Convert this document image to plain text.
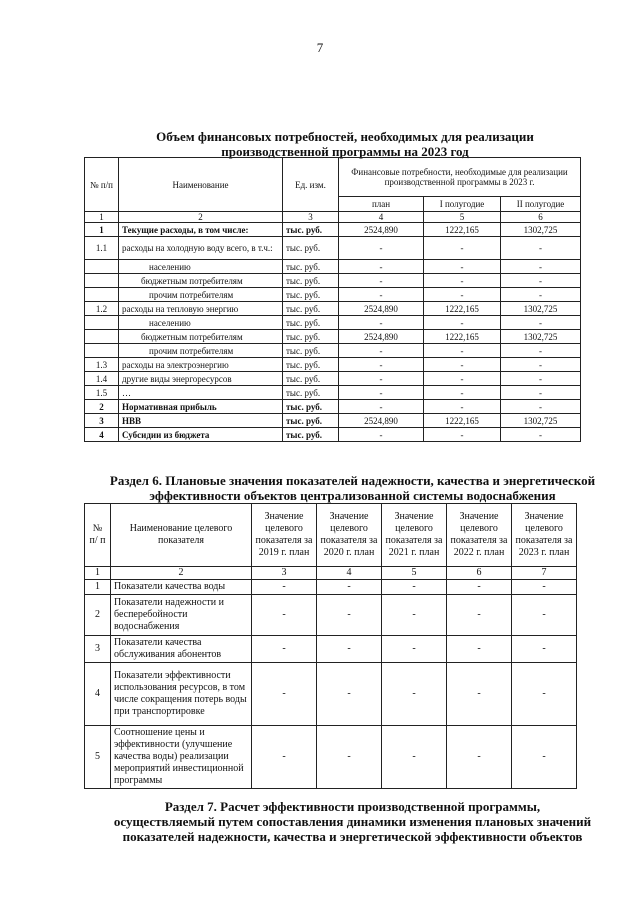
7
Объем финансовых потребностей, необходимых для реализации
производственной программы на 2023 год
№ п/п	Наименование	Ед. изм.	Финансовые потребности, необходимые для реализации производственной программы в 2023 г.		
			план	I полугодие	II полугодие
1	2	3	4	5	6
1	Текущие расходы, в том числе:	тыс. руб.	2524,890	1222,165	1302,725
1.1	расходы на холодную воду всего, в т.ч.:	тыс. руб.	-	-	-
	населению	тыс. руб.	-	-	-
	бюджетным потребителям	тыс. руб.	-	-	-
	прочим потребителям	тыс. руб.	-	-	-
1.2	расходы на тепловую энергию	тыс. руб.	2524,890	1222,165	1302,725
	населению	тыс. руб.	-	-	-
	бюджетным потребителям	тыс. руб.	2524,890	1222,165	1302,725
	прочим потребителям	тыс. руб.	-	-	-
1.3	расходы на электроэнергию	тыс. руб.	-	-	-
1.4	другие виды энергоресурсов	тыс. руб.	-	-	-
1.5	…	тыс. руб.	-	-	-
2	Нормативная прибыль	тыс. руб.	-	-	-
3	НВВ	тыс. руб.	2524,890	1222,165	1302,725
4	Субсидии из бюджета	тыс. руб.	-	-	-
Раздел 6. Плановые значения показателей надежности, качества и энергетической
эффективности объектов централизованной системы водоснабжения
№ п/ п	Наименование целевого показателя	Значение целевого показателя за 2019 г. план	Значение целевого показателя за 2020 г. план	Значение целевого показателя за 2021 г. план	Значение целевого показателя за 2022 г. план	Значение целевого показателя за 2023 г. план
1	2	3	4	5	6	7
1	Показатели качества воды	-	-	-	-	-
2	Показатели надежности и бесперебойности водоснабжения	-	-	-	-	-
3	Показатели качества обслуживания абонентов	-	-	-	-	-
4	Показатели эффективности использования ресурсов, в том числе сокращения потерь воды при транспортировке	-	-	-	-	-
5	Соотношение цены и эффективности (улучшение качества воды) реализации мероприятий инвестиционной программы	-	-	-	-	-
Раздел 7. Расчет эффективности производственной программы,
осуществляемый путем сопоставления динамики изменения плановых значений
показателей надежности, качества и энергетической эффективности объектов
